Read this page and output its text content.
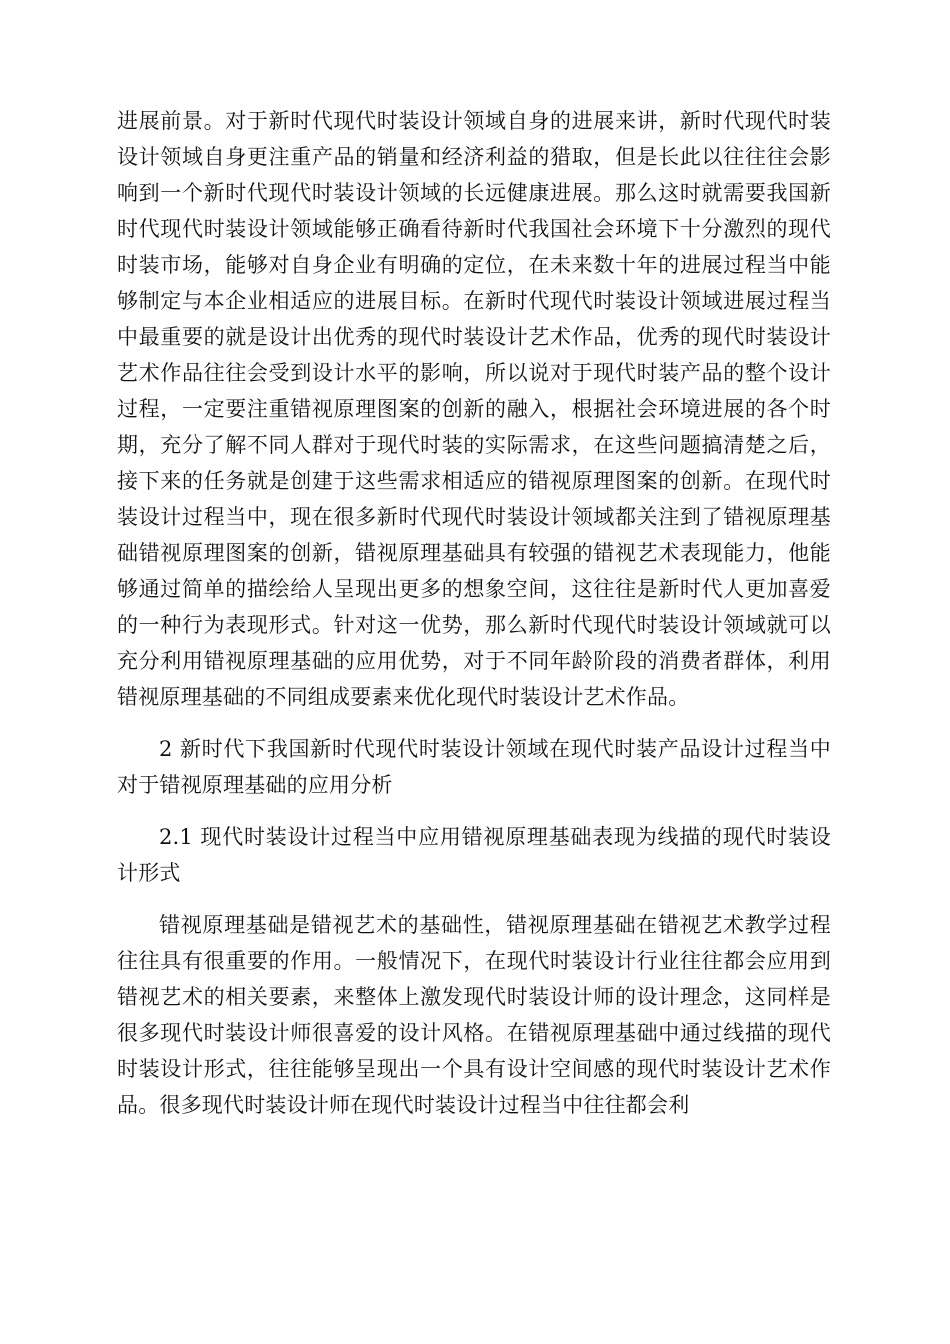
进展前景。对于新时代现代时装设计领域自身的进展来讲，新时代现代时装设计领域自身更注重产品的销量和经济利益的猎取，但是长此以往往往会影响到一个新时代现代时装设计领域的长远健康进展。那么这时就需要我国新时代现代时装设计领域能够正确看待新时代我国社会环境下十分激烈的现代时装市场，能够对自身企业有明确的定位，在未来数十年的进展过程当中能够制定与本企业相适应的进展目标。在新时代现代时装设计领域进展过程当中最重要的就是设计出优秀的现代时装设计艺术作品，优秀的现代时装设计艺术作品往往会受到设计水平的影响，所以说对于现代时装产品的整个设计过程，一定要注重错视原理图案的创新的融入，根据社会环境进展的各个时期，充分了解不同人群对于现代时装的实际需求，在这些问题搞清楚之后，接下来的任务就是创建于这些需求相适应的错视原理图案的创新。在现代时装设计过程当中，现在很多新时代现代时装设计领域都关注到了错视原理基础错视原理图案的创新，错视原理基础具有较强的错视艺术表现能力，他能够通过简单的描绘给人呈现出更多的想象空间，这往往是新时代人更加喜爱的一种行为表现形式。针对这一优势，那么新时代现代时装设计领域就可以充分利用错视原理基础的应用优势，对于不同年龄阶段的消费者群体，利用错视原理基础的不同组成要素来优化现代时装设计艺术作品。

2 新时代下我国新时代现代时装设计领域在现代时装产品设计过程当中对于错视原理基础的应用分析

2.1 现代时装设计过程当中应用错视原理基础表现为线描的现代时装设计形式

错视原理基础是错视艺术的基础性，错视原理基础在错视艺术教学过程往往具有很重要的作用。一般情况下，在现代时装设计行业往往都会应用到错视艺术的相关要素，来整体上激发现代时装设计师的设计理念，这同样是很多现代时装设计师很喜爱的设计风格。在错视原理基础中通过线描的现代时装设计形式，往往能够呈现出一个具有设计空间感的现代时装设计艺术作品。很多现代时装设计师在现代时装设计过程当中往往都会利
